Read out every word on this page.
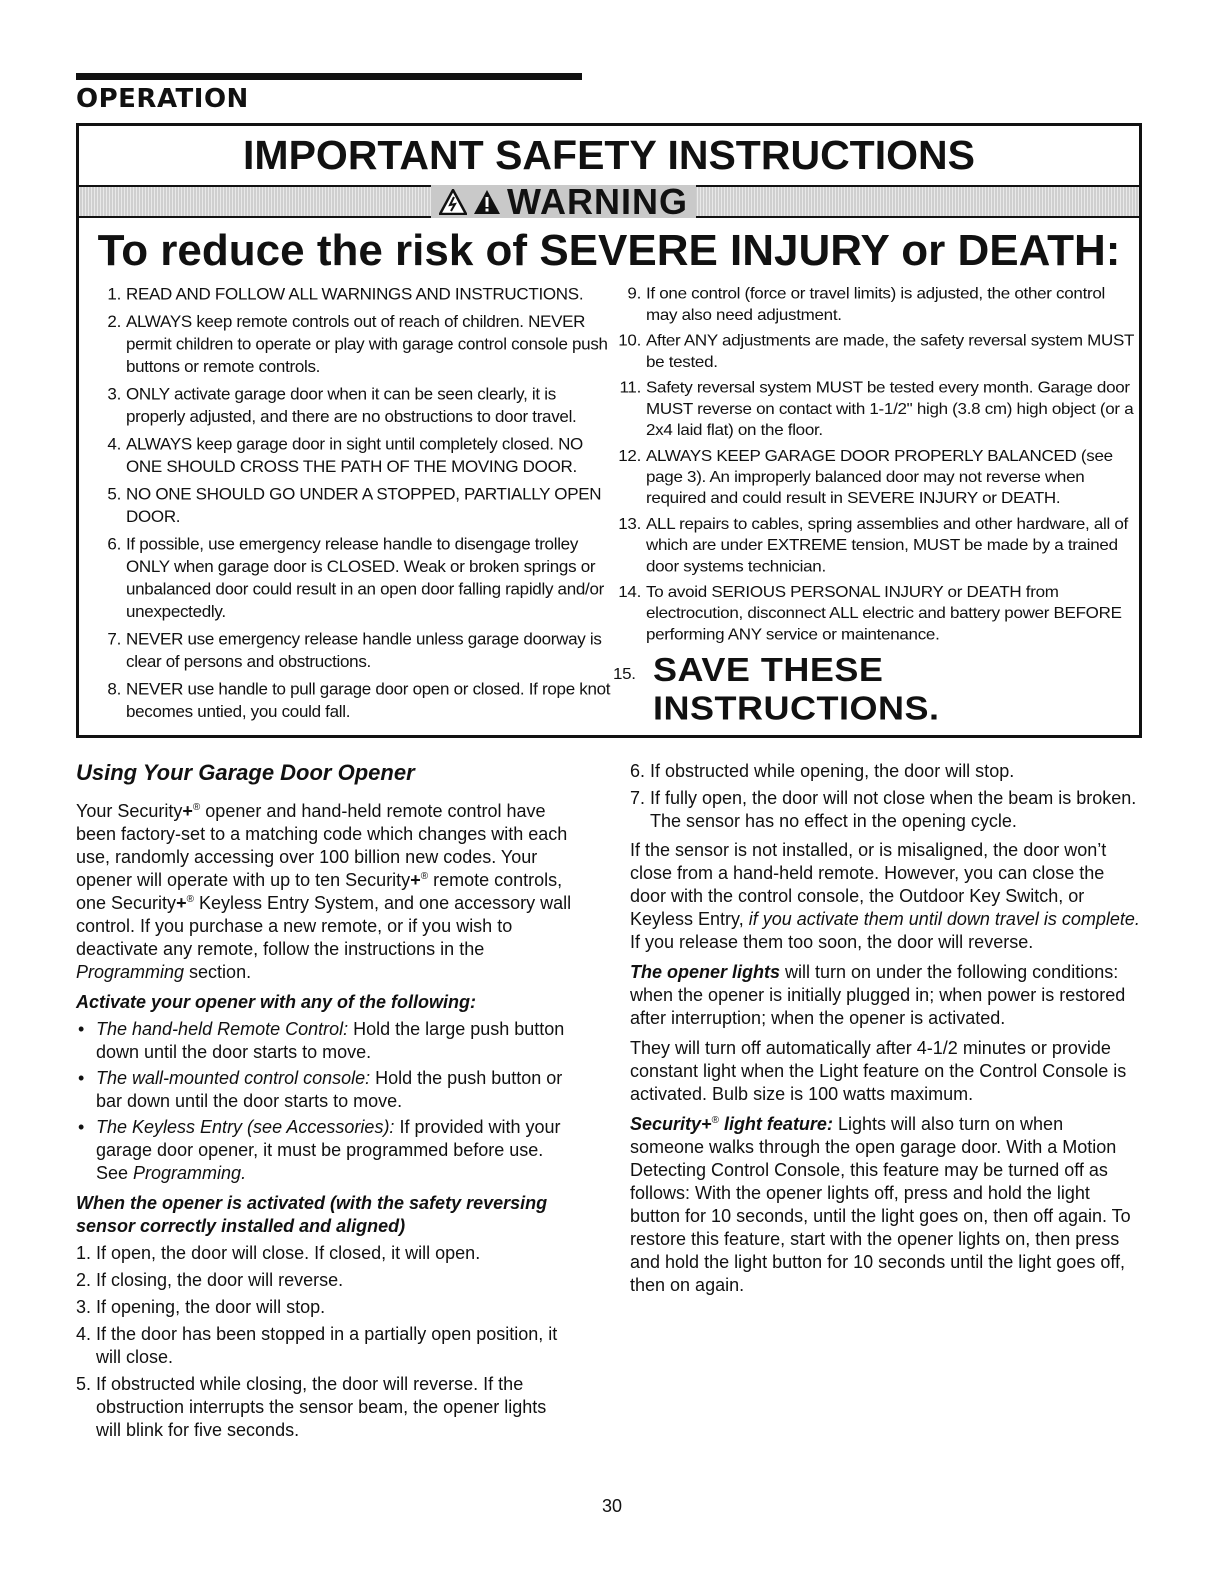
OPERATION
IMPORTANT SAFETY INSTRUCTIONS
WARNING
To reduce the risk of SEVERE INJURY or DEATH:
1. READ AND FOLLOW ALL WARNINGS AND INSTRUCTIONS.
2. ALWAYS keep remote controls out of reach of children. NEVER permit children to operate or play with garage control console push buttons or remote controls.
3. ONLY activate garage door when it can be seen clearly, it is properly adjusted, and there are no obstructions to door travel.
4. ALWAYS keep garage door in sight until completely closed. NO ONE SHOULD CROSS THE PATH OF THE MOVING DOOR.
5. NO ONE SHOULD GO UNDER A STOPPED, PARTIALLY OPEN DOOR.
6. If possible, use emergency release handle to disengage trolley ONLY when garage door is CLOSED. Weak or broken springs or unbalanced door could result in an open door falling rapidly and/or unexpectedly.
7. NEVER use emergency release handle unless garage doorway is clear of persons and obstructions.
8. NEVER use handle to pull garage door open or closed. If rope knot becomes untied, you could fall.
9. If one control (force or travel limits) is adjusted, the other control may also need adjustment.
10. After ANY adjustments are made, the safety reversal system MUST be tested.
11. Safety reversal system MUST be tested every month. Garage door MUST reverse on contact with 1-1/2" high (3.8 cm) high object (or a 2x4 laid flat) on the floor.
12. ALWAYS KEEP GARAGE DOOR PROPERLY BALANCED (see page 3). An improperly balanced door may not reverse when required and could result in SEVERE INJURY or DEATH.
13. ALL repairs to cables, spring assemblies and other hardware, all of which are under EXTREME tension, MUST be made by a trained door systems technician.
14. To avoid SERIOUS PERSONAL INJURY or DEATH from electrocution, disconnect ALL electric and battery power BEFORE performing ANY service or maintenance.
15. SAVE THESE INSTRUCTIONS.
Using Your Garage Door Opener

Your Security+® opener and hand-held remote control have been factory-set to a matching code which changes with each use, randomly accessing over 100 billion new codes. Your opener will operate with up to ten Security+® remote controls, one Security+® Keyless Entry System, and one accessory wall control. If you purchase a new remote, or if you wish to deactivate any remote, follow the instructions in the Programming section.

Activate your opener with any of the following:
• The hand-held Remote Control: Hold the large push button down until the door starts to move.
• The wall-mounted control console: Hold the push button or bar down until the door starts to move.
• The Keyless Entry (see Accessories): If provided with your garage door opener, it must be programmed before use. See Programming.
When the opener is activated (with the safety reversing sensor correctly installed and aligned)
1. If open, the door will close. If closed, it will open.
2. If closing, the door will reverse.
3. If opening, the door will stop.
4. If the door has been stopped in a partially open position, it will close.
5. If obstructed while closing, the door will reverse. If the obstruction interrupts the sensor beam, the opener lights will blink for five seconds.
6. If obstructed while opening, the door will stop.
7. If fully open, the door will not close when the beam is broken. The sensor has no effect in the opening cycle.

If the sensor is not installed, or is misaligned, the door won’t close from a hand-held remote. However, you can close the door with the control console, the Outdoor Key Switch, or Keyless Entry, if you activate them until down travel is complete. If you release them too soon, the door will reverse.

The opener lights will turn on under the following conditions: when the opener is initially plugged in; when power is restored after interruption; when the opener is activated.

They will turn off automatically after 4-1/2 minutes or provide constant light when the Light feature on the Control Console is activated. Bulb size is 100 watts maximum.

Security+® light feature: Lights will also turn on when someone walks through the open garage door. With a Motion Detecting Control Console, this feature may be turned off as follows: With the opener lights off, press and hold the light button for 10 seconds, until the light goes on, then off again. To restore this feature, start with the opener lights on, then press and hold the light button for 10 seconds until the light goes off, then on again.

30
